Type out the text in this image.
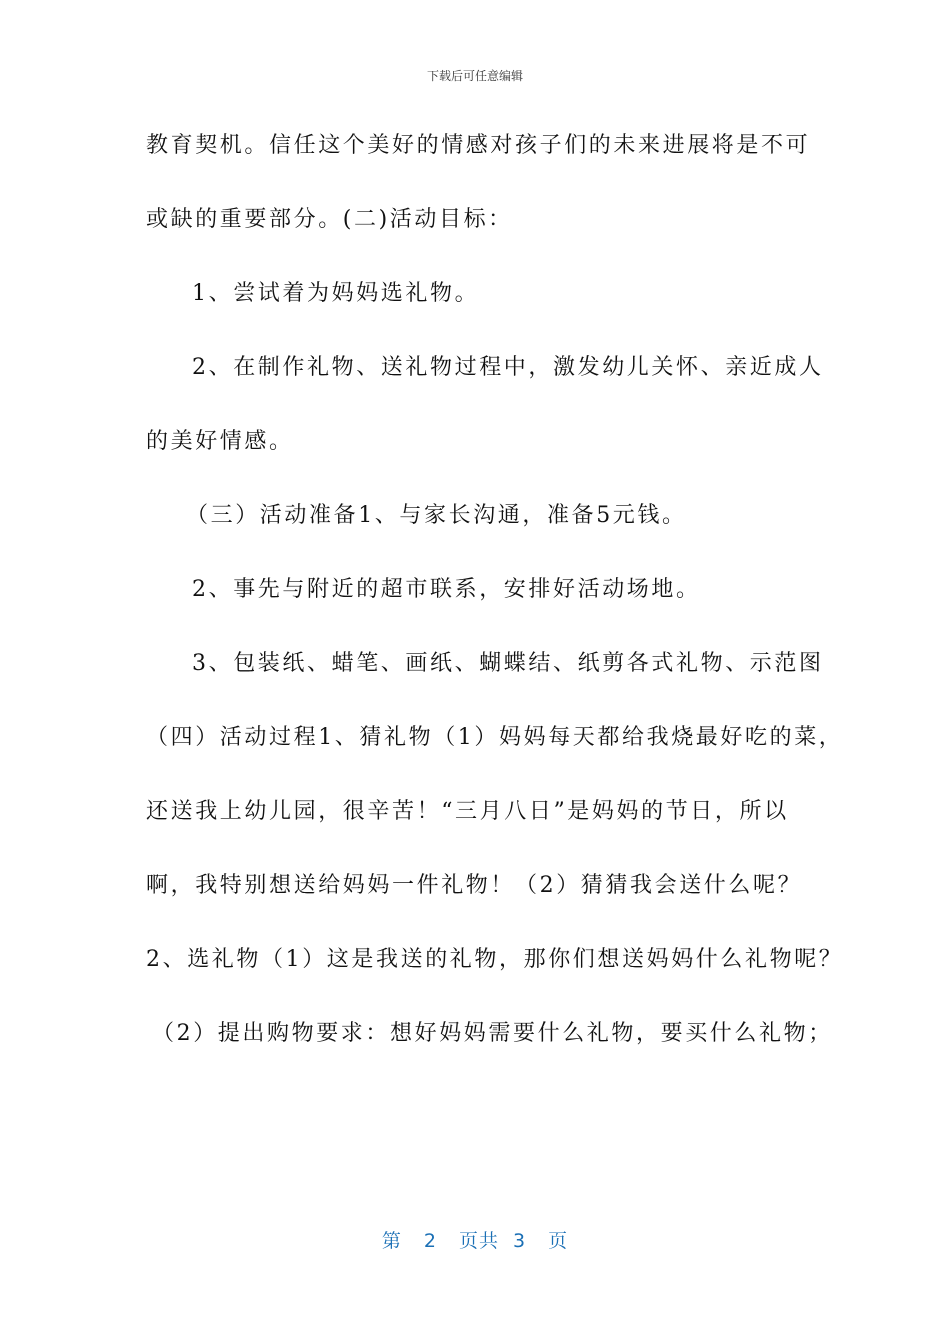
下载后可任意编辑
教育契机。信任这个美好的情感对孩子们的未来进展将是不可
或缺的重要部分。(二)活动目标：
1、尝试着为妈妈选礼物。
2、在制作礼物、送礼物过程中，激发幼儿关怀、亲近成人
的美好情感。
（三）活动准备1、与家长沟通，准备5元钱。
2、事先与附近的超市联系，安排好活动场地。
3、包装纸、蜡笔、画纸、蝴蝶结、纸剪各式礼物、示范图
（四）活动过程1、猜礼物（1）妈妈每天都给我烧最好吃的菜，
还送我上幼儿园，很辛苦！“三月八日”是妈妈的节日，所以
啊，我特别想送给妈妈一件礼物！（2）猜猜我会送什么呢？
2、选礼物（1）这是我送的礼物，那你们想送妈妈什么礼物呢？
（2）提出购物要求：想好妈妈需要什么礼物，要买什么礼物；
第 2 页共 3 页
